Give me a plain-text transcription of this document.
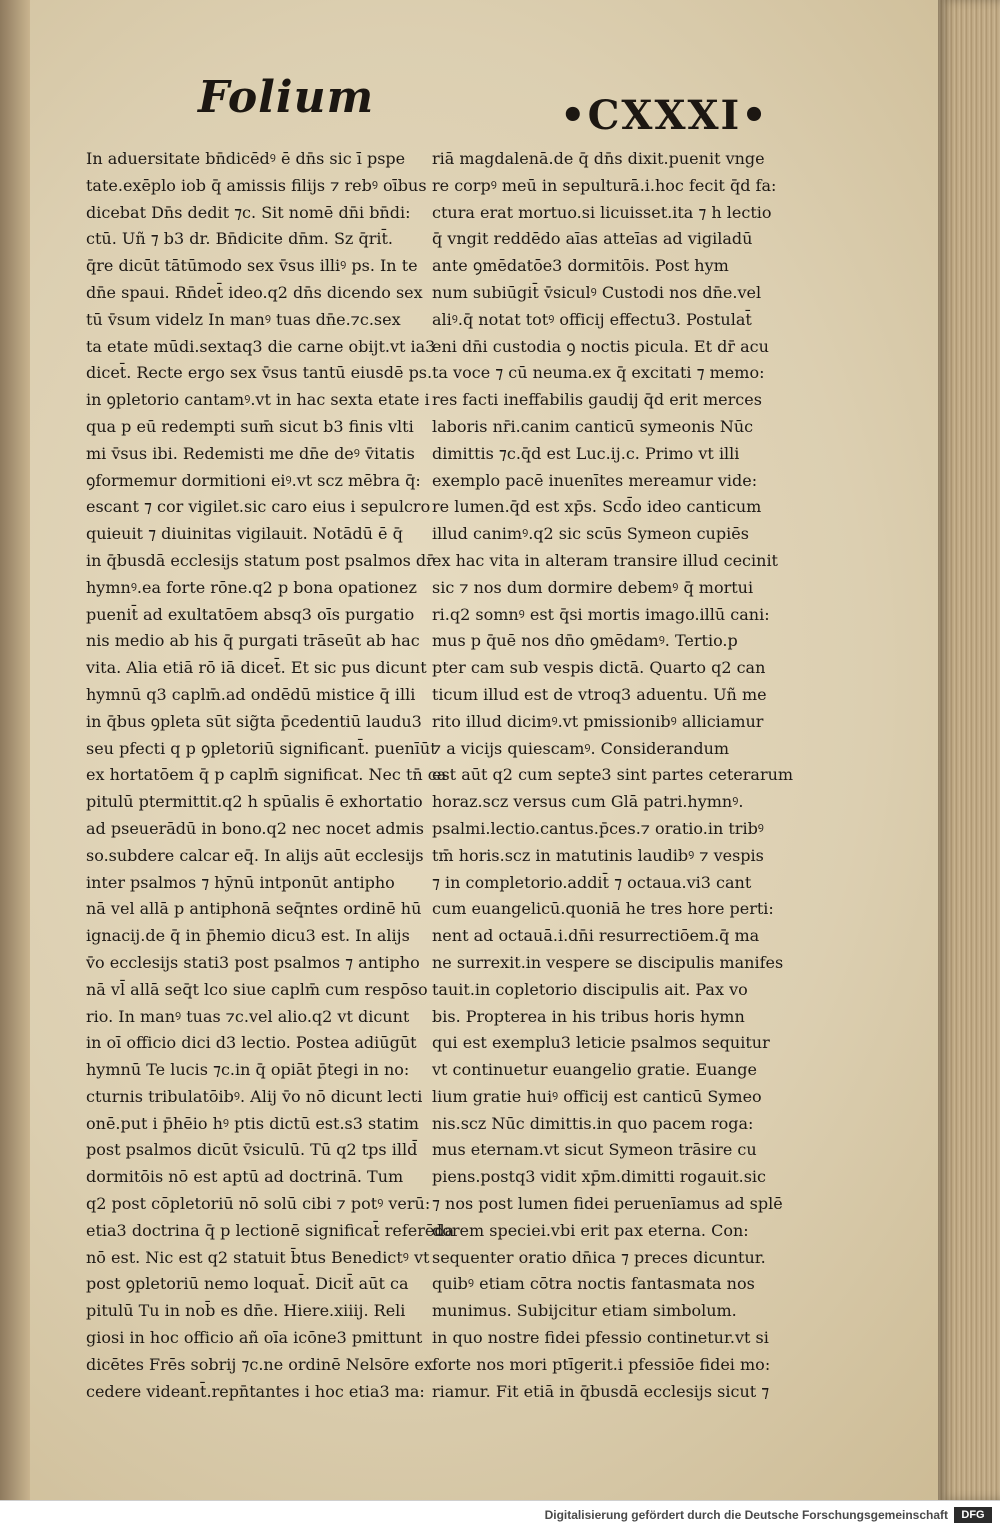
Folium	•CXXXI•
In aduersitate bn̄dicēdꝰ ē dn̄s sic ī pspe
tate.exēplo iob q̄ amissis filijs ⁊ rebꝰ oībus
dicebat Dn̄s dedit ⁊c. Sit nomē dn̄i bn̄di:
ctū. Uñ ⁊ b3 dr. Bn̄dicite dn̄m. Sz q̄rit̄.
q̄re dicūt tātūmodo sex v̄sus illiꝰ ps. In te
dn̄e spaui. Rn̄det̄ ideo.q2 dn̄s dicendo sex
tū v̄sum videlz In manꝰ tuas dn̄e.⁊c.sex
ta etate mūdi.sextaq3 die carne obijt.vt ia3
dicet̄. Recte ergo sex v̄sus tantū eiusdē ps.
in ꝯpletorio cantamꝰ.vt in hac sexta etate i
qua p eū redempti sum̄ sicut b3 finis vlti
mi v̄sus ibi. Redemisti me dn̄e deꝰ v̄itatis
ꝯformemur dormitioni eiꝰ.vt scz mēbra q̄:
escant ⁊ cor vigilet.sic caro eius i sepulcro
quieuit ⁊ diuinitas vigilauit. Notādū ē q̄
in q̄busdā ecclesijs statum post psalmos dr̄
hymnꝰ.ea forte rōne.q2 p bona opationez
puenit̄ ad exultatōem absq3 oīs purgatio
nis medio ab his q̄ purgati trāseūt ab hac
vita. Alia etiā rō iā dicet̄. Et sic pus dicunt
hymnū q3 caplm̄.ad ondēdū mistice q̄ illi
in q̄bus ꝯpleta sūt sig̃ta p̄cedentiū laudu3
seu pfecti q p ꝯpletoriū significant̄. puenīūt
ex hortatōem q̄ p caplm̄ significat. Nec tn̄ ca
pitulū ptermittit.q2 h spūalis ē exhortatio
ad pseuerādū in bono.q2 nec nocet admis
so.subdere calcar eq̄. In alijs aūt ecclesijs
inter psalmos ⁊ hȳnū intponūt antipho
nā vel allā p antiphonā seq̄ntes ordinē hū
ignacij.de q̄ in p̄hemio dicu3 est. In alijs
v̄o ecclesijs stati3 post psalmos ⁊ antipho
nā vl̄ allā seq̄t lco siue caplm̄ cum respōso
rio. In manꝰ tuas ⁊c.vel alio.q2 vt dicunt
in oī officio dici d3 lectio. Postea adiūgūt
hymnū Te lucis ⁊c.in q̄ opiāt p̄tegi in no:
cturnis tribulatōibꝰ. Alij v̄o nō dicunt lecti
onē.put i p̄hēio hꝰ ptis dictū est.s3 statim
post psalmos dicūt v̄siculū. Tū q2 tps illd̄
dormitōis nō est aptū ad doctrinā. Tum
q2 post cōpletoriū nō solū cibi ⁊ potꝰ verū:
etia3 doctrina q̄ p lectionē significat̄ referēda
nō est. Nic est q2 statuit b̄tus Benedictꝰ vt
post ꝯpletoriū nemo loquat̄. Dicit̄ aūt ca
pitulū Tu in nob̄ es dn̄e. Hiere.xiiij. Reli
giosi in hoc officio añ oīa icōne3 pmittunt
dicētes Frēs sobrij ⁊c.ne ordinē Nelsōre ex
cedere videant̄.repn̄tantes i hoc etia3 ma:
riā magdalenā.de q̄ dn̄s dixit.puenit vnge
re corpꝰ meū in sepulturā.i.hoc fecit q̄d fa:
ctura erat mortuo.si licuisset.ita ⁊ h lectio
q̄ vngit reddēdo aīas atteīas ad vigiladū
ante ꝯmēdatōe3 dormitōis. Post hym
num subiūgit̄ v̄siculꝰ Custodi nos dn̄e.vel
aliꝰ.q̄ notat totꝰ officij effectu3. Postulat̄
eni dn̄i custodia ꝯ noctis picula. Et dr̄ acu
ta voce ⁊ cū neuma.ex q̄ excitati ⁊ memo:
res facti ineffabilis gaudij q̄d erit merces
laboris nr̄i.canim canticū symeonis Nūc
dimittis ⁊c.q̄d est Luc.ij.c. Primo vt illi
exemplo pacē inuenītes mereamur vide:
re lumen.q̄d est xp̄s. Scd̄o ideo canticum
illud canimꝰ.q2 sic scūs Symeon cupiēs
ex hac vita in alteram transire illud cecinit
sic ⁊ nos dum dormire debemꝰ q̄ mortui
ri.q2 somnꝰ est q̄si mortis imago.illū cani:
mus p q̄uē nos dn̄o ꝯmēdamꝰ. Tertio.p
pter cam sub vespis dictā. Quarto q2 can
ticum illud est de vtroq3 aduentu. Uñ me
rito illud dicimꝰ.vt pmissionibꝰ alliciamur
⁊ a vicijs quiescamꝰ. Considerandum
est aūt q2 cum septe3 sint partes ceterarum
horaz.scz versus cum Glā patri.hymnꝰ.
psalmi.lectio.cantus.p̄ces.⁊ oratio.in tribꝰ
tm̄ horis.scz in matutinis laudibꝰ ⁊ vespis
⁊ in completorio.addit̄ ⁊ octaua.vi3 cant
cum euangelicū.quoniā he tres hore perti:
nent ad octauā.i.dn̄i resurrectiōem.q̄ ma
ne surrexit.in vespere se discipulis manifes
tauit.in copletorio discipulis ait. Pax vo
bis. Propterea in his tribus horis hymn
qui est exemplu3 leticie psalmos sequitur
vt continuetur euangelio gratie. Euange
lium gratie huiꝰ officij est canticū Symeo
nis.scz Nūc dimittis.in quo pacem roga:
mus eternam.vt sicut Symeon trāsire cu
piens.postq3 vidit xp̄m.dimitti rogauit.sic
⁊ nos post lumen fidei peruenīamus ad splē
dorem speciei.vbi erit pax eterna. Con:
sequenter oratio dn̄ica ⁊ preces dicuntur.
quibꝰ etiam cōtra noctis fantasmata nos
munimus. Subijcitur etiam simbolum.
in quo nostre fidei pfessio continetur.vt si
forte nos mori ptīgerit.i pfessiōe fidei mo:
riamur. Fit etiā in q̄busdā ecclesijs sicut ⁊
Digitalisierung gefördert durch die Deutsche Forschungsgemeinschaft	DFG
